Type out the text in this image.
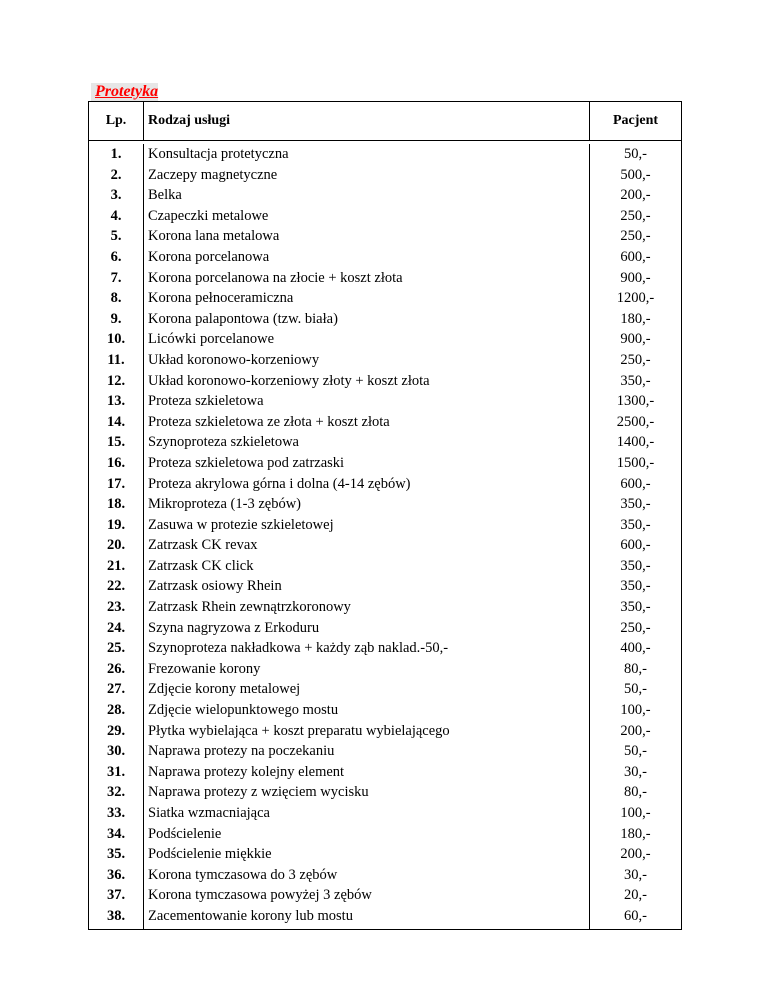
Protetyka
Lp.	Rodzaj usługi	Pacjent
1.
2.
3.
4.
5.
6.
7.
8.
9.
10.
11.
12.
13.
14.
15.
16.
17.
18.
19.
20.
21.
22.
23.
24.
25.
26.
27.
28.
29.
30.
31.
32.
33.
34.
35.
36.
37.
38.
Konsultacja protetyczna
Zaczepy magnetyczne
Belka
Czapeczki metalowe
Korona lana metalowa
Korona porcelanowa
Korona porcelanowa na złocie + koszt złota
Korona pełnoceramiczna
Korona palapontowa (tzw. biała)
Licówki porcelanowe
Układ koronowo-korzeniowy
Układ koronowo-korzeniowy złoty + koszt złota
Proteza szkieletowa
Proteza szkieletowa ze złota + koszt złota
Szynoproteza szkieletowa
Proteza szkieletowa pod zatrzaski
Proteza akrylowa górna i dolna (4-14 zębów)
Mikroproteza (1-3 zębów)
Zasuwa w protezie szkieletowej
Zatrzask CK revax
Zatrzask CK click
Zatrzask osiowy Rhein
Zatrzask Rhein zewnątrzkoronowy
Szyna nagryzowa z Erkoduru
Szynoproteza nakładkowa + każdy ząb naklad.-50,-
Frezowanie korony
Zdjęcie korony metalowej
Zdjęcie wielopunktowego mostu
Płytka wybielająca + koszt preparatu wybielającego
Naprawa protezy na poczekaniu
Naprawa protezy kolejny element
Naprawa protezy z wzięciem wycisku
Siatka wzmacniająca
Podścielenie
Podścielenie miękkie
Korona tymczasowa do 3 zębów
Korona tymczasowa powyżej 3 zębów
Zacementowanie korony lub mostu
50,-
500,-
200,-
250,-
250,-
600,-
900,-
1200,-
180,-
900,-
250,-
350,-
1300,-
2500,-
1400,-
1500,-
600,-
350,-
350,-
600,-
350,-
350,-
350,-
250,-
400,-
80,-
50,-
100,-
200,-
50,-
30,-
80,-
100,-
180,-
200,-
30,-
20,-
60,-
